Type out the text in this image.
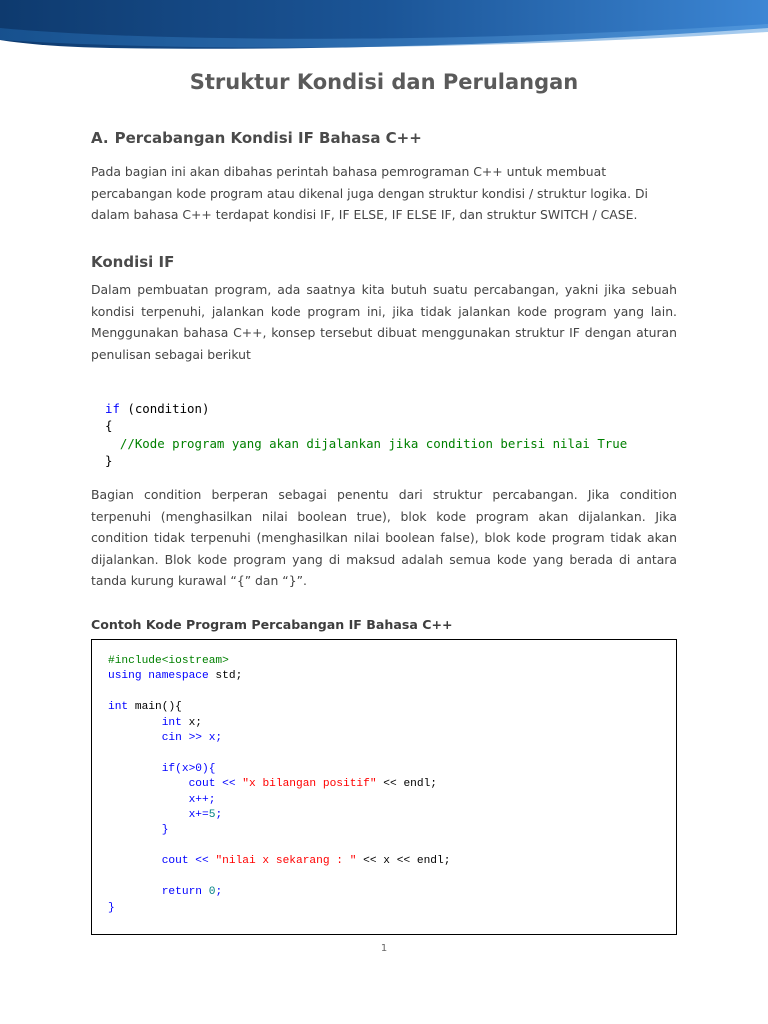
Struktur Kondisi dan Perulangan
A. Percabangan Kondisi IF Bahasa C++

Pada bagian ini akan dibahas perintah bahasa pemrograman C++ untuk membuat percabangan kode program atau dikenal juga dengan struktur kondisi / struktur logika. Di dalam bahasa C++ terdapat kondisi IF, IF ELSE, IF ELSE IF, dan struktur SWITCH / CASE.

Kondisi IF

Dalam pembuatan program, ada saatnya kita butuh suatu percabangan, yakni jika sebuah kondisi terpenuhi, jalankan kode program ini, jika tidak jalankan kode program yang lain. Menggunakan bahasa C++, konsep tersebut dibuat menggunakan struktur IF dengan aturan penulisan sebagai berikut

if (condition)
{
//Kode program yang akan dijalankan jika condition berisi nilai True
}

Bagian condition berperan sebagai penentu dari struktur percabangan. Jika condition terpenuhi (menghasilkan nilai boolean true), blok kode program akan dijalankan. Jika condition tidak terpenuhi (menghasilkan nilai boolean false), blok kode program tidak akan dijalankan. Blok kode program yang di maksud adalah semua kode yang berada di antara tanda kurung kurawal “{” dan “}”.

Contoh Kode Program Percabangan IF Bahasa C++

#include<iostream>
using namespace std;

int main(){
int x;
cin >> x;

if(x>0){
cout << "x bilangan positif" << endl;
x++;
x+=5;
}

cout << "nilai x sekarang : " << x << endl;

return 0;
}

1
